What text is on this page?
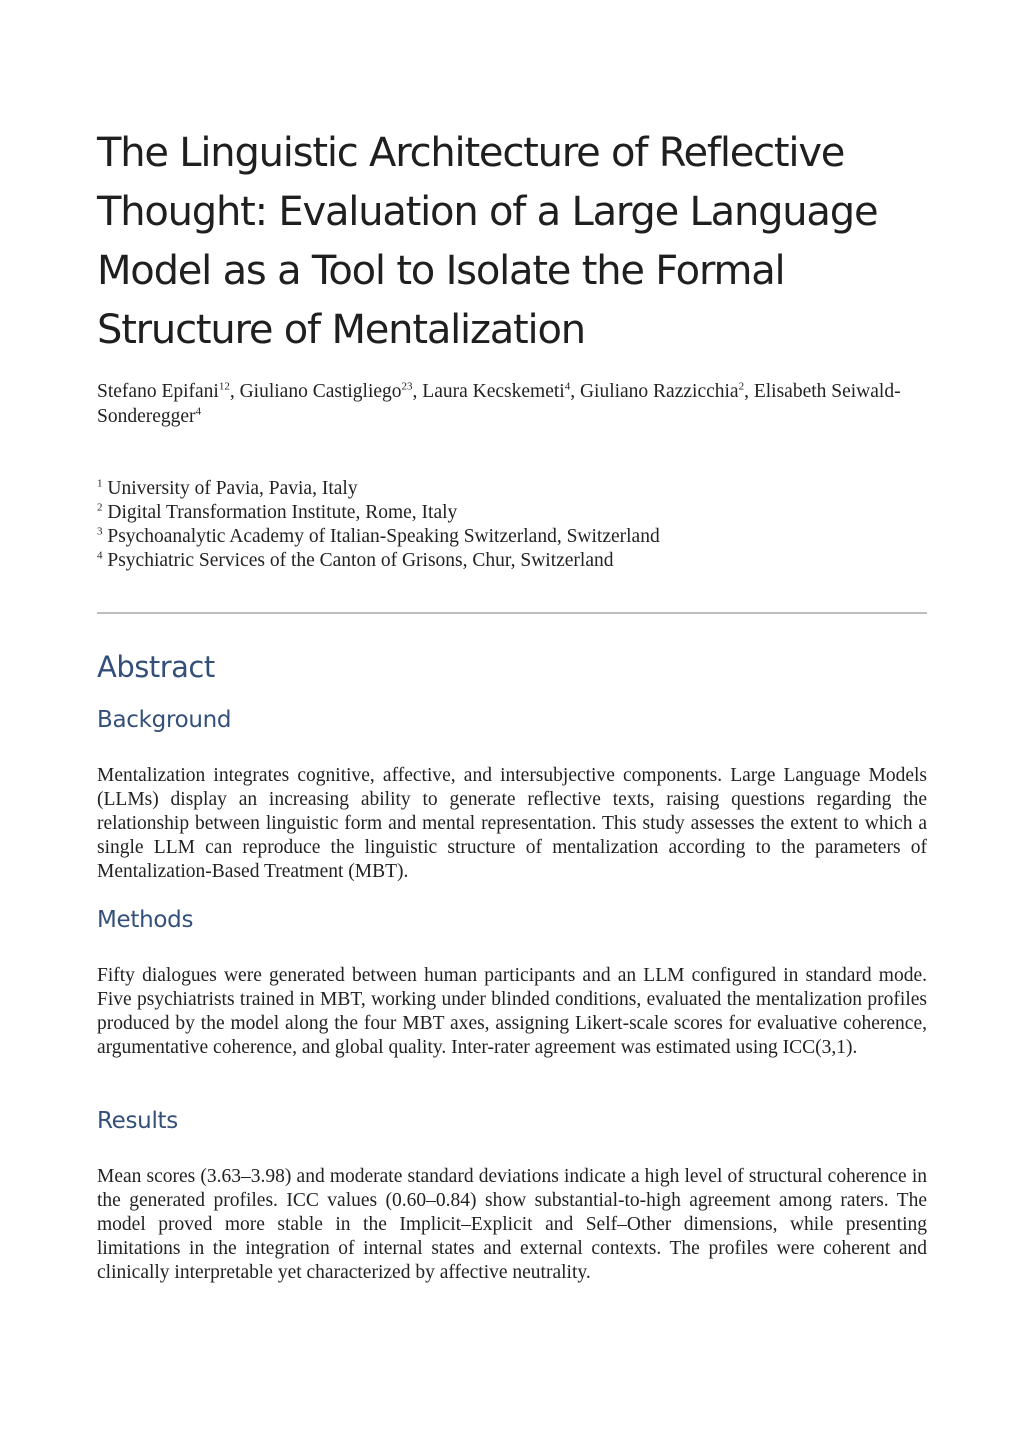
The Linguistic Architecture of Reflective
Thought: Evaluation of a Large Language
Model as a Tool to Isolate the Formal
Structure of Mentalization

Stefano Epifani$^{12}$, Giuliano Castigliego$^{23}$, Laura Kecskemeti$^4$, Giuliano Razzicchia$^2$, Elisabeth Seiwald-Sonderegger$^4$

$^1$ University of Pavia, Pavia, Italy
$^2$ Digital Transformation Institute, Rome, Italy
$^3$ Psychoanalytic Academy of Italian-Speaking Switzerland, Switzerland
$^4$ Psychiatric Services of the Canton of Grisons, Chur, Switzerland
Abstract
Background

Mentalization integrates cognitive, affective, and intersubjective components. Large Language Models (LLMs) display an increasing ability to generate reflective texts, raising questions regarding the relationship between linguistic form and mental representation. This study assesses the extent to which a single LLM can reproduce the linguistic structure of mentalization according to the parameters of Mentalization-Based Treatment (MBT).

Methods

Fifty dialogues were generated between human participants and an LLM configured in standard mode. Five psychiatrists trained in MBT, working under blinded conditions, evaluated the mentalization profiles produced by the model along the four MBT axes, assigning Likert-scale scores for evaluative coherence, argumentative coherence, and global quality. Inter-rater agreement was estimated using ICC(3,1).

Results

Mean scores (3.63–3.98) and moderate standard deviations indicate a high level of structural coherence in the generated profiles. ICC values (0.60–0.84) show substantial-to-high agreement among raters. The model proved more stable in the Implicit–Explicit and Self–Other dimensions, while presenting limitations in the integration of internal states and external contexts. The profiles were coherent and clinically interpretable yet characterized by affective neutrality.
